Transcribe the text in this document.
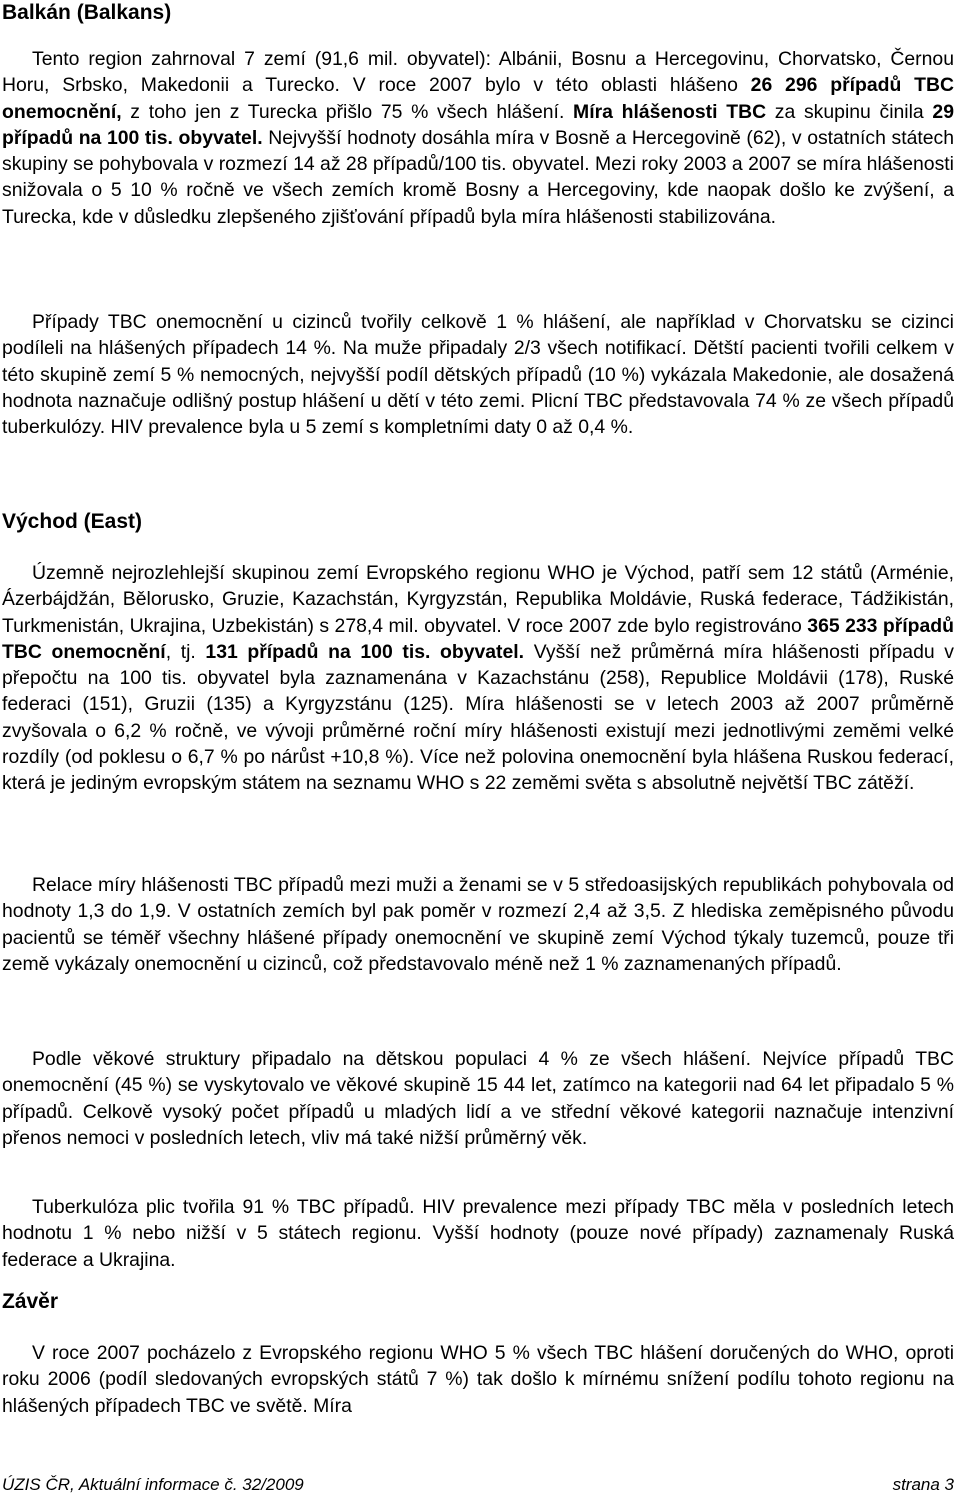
Balkán (Balkans)

Tento region zahrnoval 7 zemí (91,6 mil. obyvatel): Albánii, Bosnu a Hercegovinu, Chorvatsko, Černou Horu, Srbsko, Makedonii a Turecko. V roce 2007 bylo v této oblasti hlášeno 26 296 případů TBC onemocnění, z toho jen z Turecka přišlo 75 % všech hlášení. Míra hlášenosti TBC za skupinu činila 29 případů na 100 tis. obyvatel. Nejvyšší hodnoty dosáhla míra v Bosně a Hercegovině (62), v ostatních státech skupiny se pohybovala v rozmezí 14 až 28 případů/100 tis. obyvatel. Mezi roky 2003 a 2007 se míra hlášenosti snižovala o 5 10 % ročně ve všech zemích kromě Bosny a Hercegoviny, kde naopak došlo ke zvýšení, a Turecka, kde v důsledku zlepšeného zjišťování případů byla míra hlášenosti stabilizována.

Případy TBC onemocnění u cizinců tvořily celkově 1 % hlášení, ale například v Chorvatsku se cizinci podíleli na hlášených případech 14 %. Na muže připadaly 2/3 všech notifikací. Dětští pacienti tvořili celkem v této skupině zemí 5 % nemocných, nejvyšší podíl dětských případů (10 %) vykázala Makedonie, ale dosažená hodnota naznačuje odlišný postup hlášení u dětí v této zemi. Plicní TBC představovala 74 % ze všech případů tuberkulózy. HIV prevalence byla u 5 zemí s kompletními daty 0 až 0,4 %.

Východ (East)

Územně nejrozlehlejší skupinou zemí Evropského regionu WHO je Východ, patří sem 12 států (Arménie, Ázerbájdžán, Bělorusko, Gruzie, Kazachstán, Kyrgyzstán, Republika Moldávie, Ruská federace, Tádžikistán, Turkmenistán, Ukrajina, Uzbekistán) s 278,4 mil. obyvatel. V roce 2007 zde bylo registrováno 365 233 případů TBC onemocnění, tj. 131 případů na 100 tis. obyvatel. Vyšší než průměrná míra hlášenosti případu v přepočtu na 100 tis. obyvatel byla zaznamenána v Kazachstánu (258), Republice Moldávii (178), Ruské federaci (151), Gruzii (135) a Kyrgyzstánu (125). Míra hlášenosti se v letech 2003 až 2007 průměrně zvyšovala o 6,2 % ročně, ve vývoji průměrné roční míry hlášenosti existují mezi jednotlivými zeměmi velké rozdíly (od poklesu o 6,7 % po nárůst +10,8 %). Více než polovina onemocnění byla hlášena Ruskou federací, která je jediným evropským státem na seznamu WHO s 22 zeměmi světa s absolutně největší TBC zátěží.

Relace míry hlášenosti TBC případů mezi muži a ženami se v 5 středoasijských republikách pohybovala od hodnoty 1,3 do 1,9. V ostatních zemích byl pak poměr v rozmezí 2,4 až 3,5. Z hlediska zeměpisného původu pacientů se téměř všechny hlášené případy onemocnění ve skupině zemí Východ týkaly tuzemců, pouze tři země vykázaly onemocnění u cizinců, což představovalo méně než 1 % zaznamenaných případů.

Podle věkové struktury připadalo na dětskou populaci 4 % ze všech hlášení. Nejvíce případů TBC onemocnění (45 %) se vyskytovalo ve věkové skupině 15 44 let, zatímco na kategorii nad 64 let připadalo 5 % případů. Celkově vysoký počet případů u mladých lidí a ve střední věkové kategorii naznačuje intenzivní přenos nemoci v posledních letech, vliv má také nižší průměrný věk.

Tuberkulóza plic tvořila 91 % TBC případů. HIV prevalence mezi případy TBC měla v posledních letech hodnotu 1 % nebo nižší v 5 státech regionu. Vyšší hodnoty (pouze nové případy) zaznamenaly Ruská federace a Ukrajina.

Závěr

V roce 2007 pocházelo z Evropského regionu WHO 5 % všech TBC hlášení doručených do WHO, oproti roku 2006 (podíl sledovaných evropských států 7 %) tak došlo k mírnému snížení podílu tohoto regionu na hlášených případech TBC ve světě. Míra

ÚZIS ČR, Aktuální informace č. 32/2009	strana 3
